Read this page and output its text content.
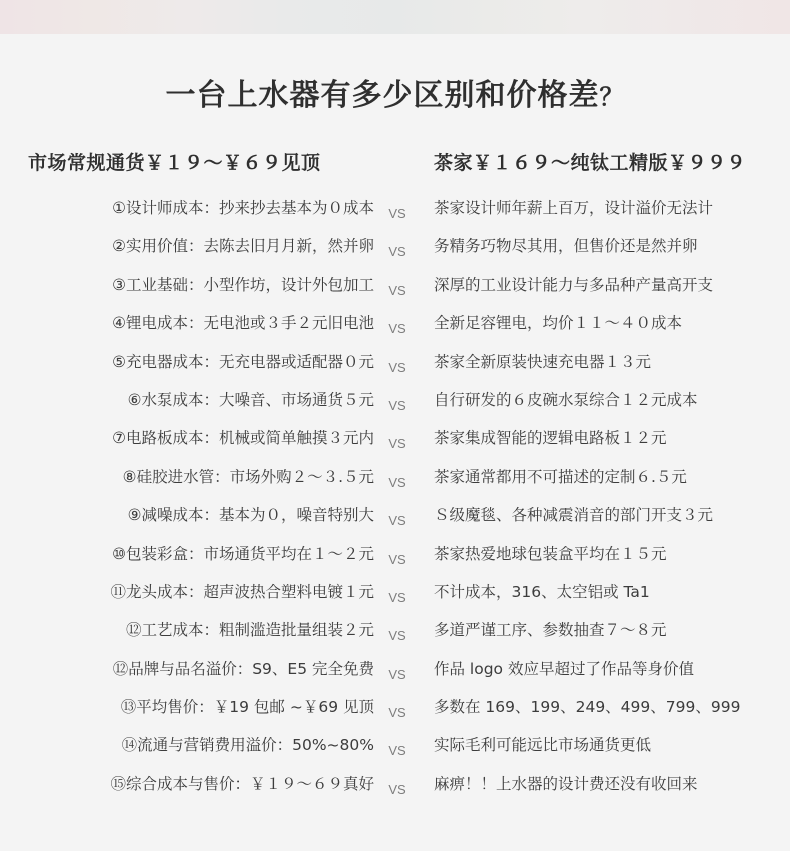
一台上水器有多少区别和价格差？
市场常规通货￥１９～￥６９见顶
①设计师成本：抄来抄去基本为０成本
②实用价值：去陈去旧月月新，然并卵
③工业基础：小型作坊，设计外包加工
④锂电成本：无电池或３手２元旧电池
⑤充电器成本：无充电器或适配器０元
⑥水泵成本：大噪音、市场通货５元
⑦电路板成本：机械或简单触摸３元内
⑧硅胶进水管：市场外购２～３.５元
⑨减噪成本：基本为０，噪音特别大
⑩包装彩盒：市场通货平均在１～２元
⑪龙头成本：超声波热合塑料电镀１元
⑫工艺成本：粗制滥造批量组装２元
⑫品牌与品名溢价：S9、E5 完全免费
⑬平均售价：￥19 包邮 ~￥69 见顶
⑭流通与营销费用溢价：50%~80%
⑮综合成本与售价：￥１９～６９真好
VS
VS
VS
VS
VS
VS
VS
VS
VS
VS
VS
VS
VS
VS
VS
VS
茶家￥１６９～纯钛工精版￥９９９
茶家设计师年薪上百万，设计溢价无法计
务精务巧物尽其用，但售价还是然并卵
深厚的工业设计能力与多品种产量高开支
全新足容锂电，均价１１～４０成本
茶家全新原装快速充电器１３元
自行研发的６皮碗水泵综合１２元成本
茶家集成智能的逻辑电路板１２元
茶家通常都用不可描述的定制６.５元
Ｓ级魔毯、各种减震消音的部门开支３元
茶家热爱地球包装盒平均在１５元
不计成本，316、太空铝或 Ta1
多道严谨工序、参数抽查７～８元
作品 logo 效应早超过了作品等身价值
多数在 169、199、249、499、799、999
实际毛利可能远比市场通货更低
麻痹！！上水器的设计费还没有收回来
